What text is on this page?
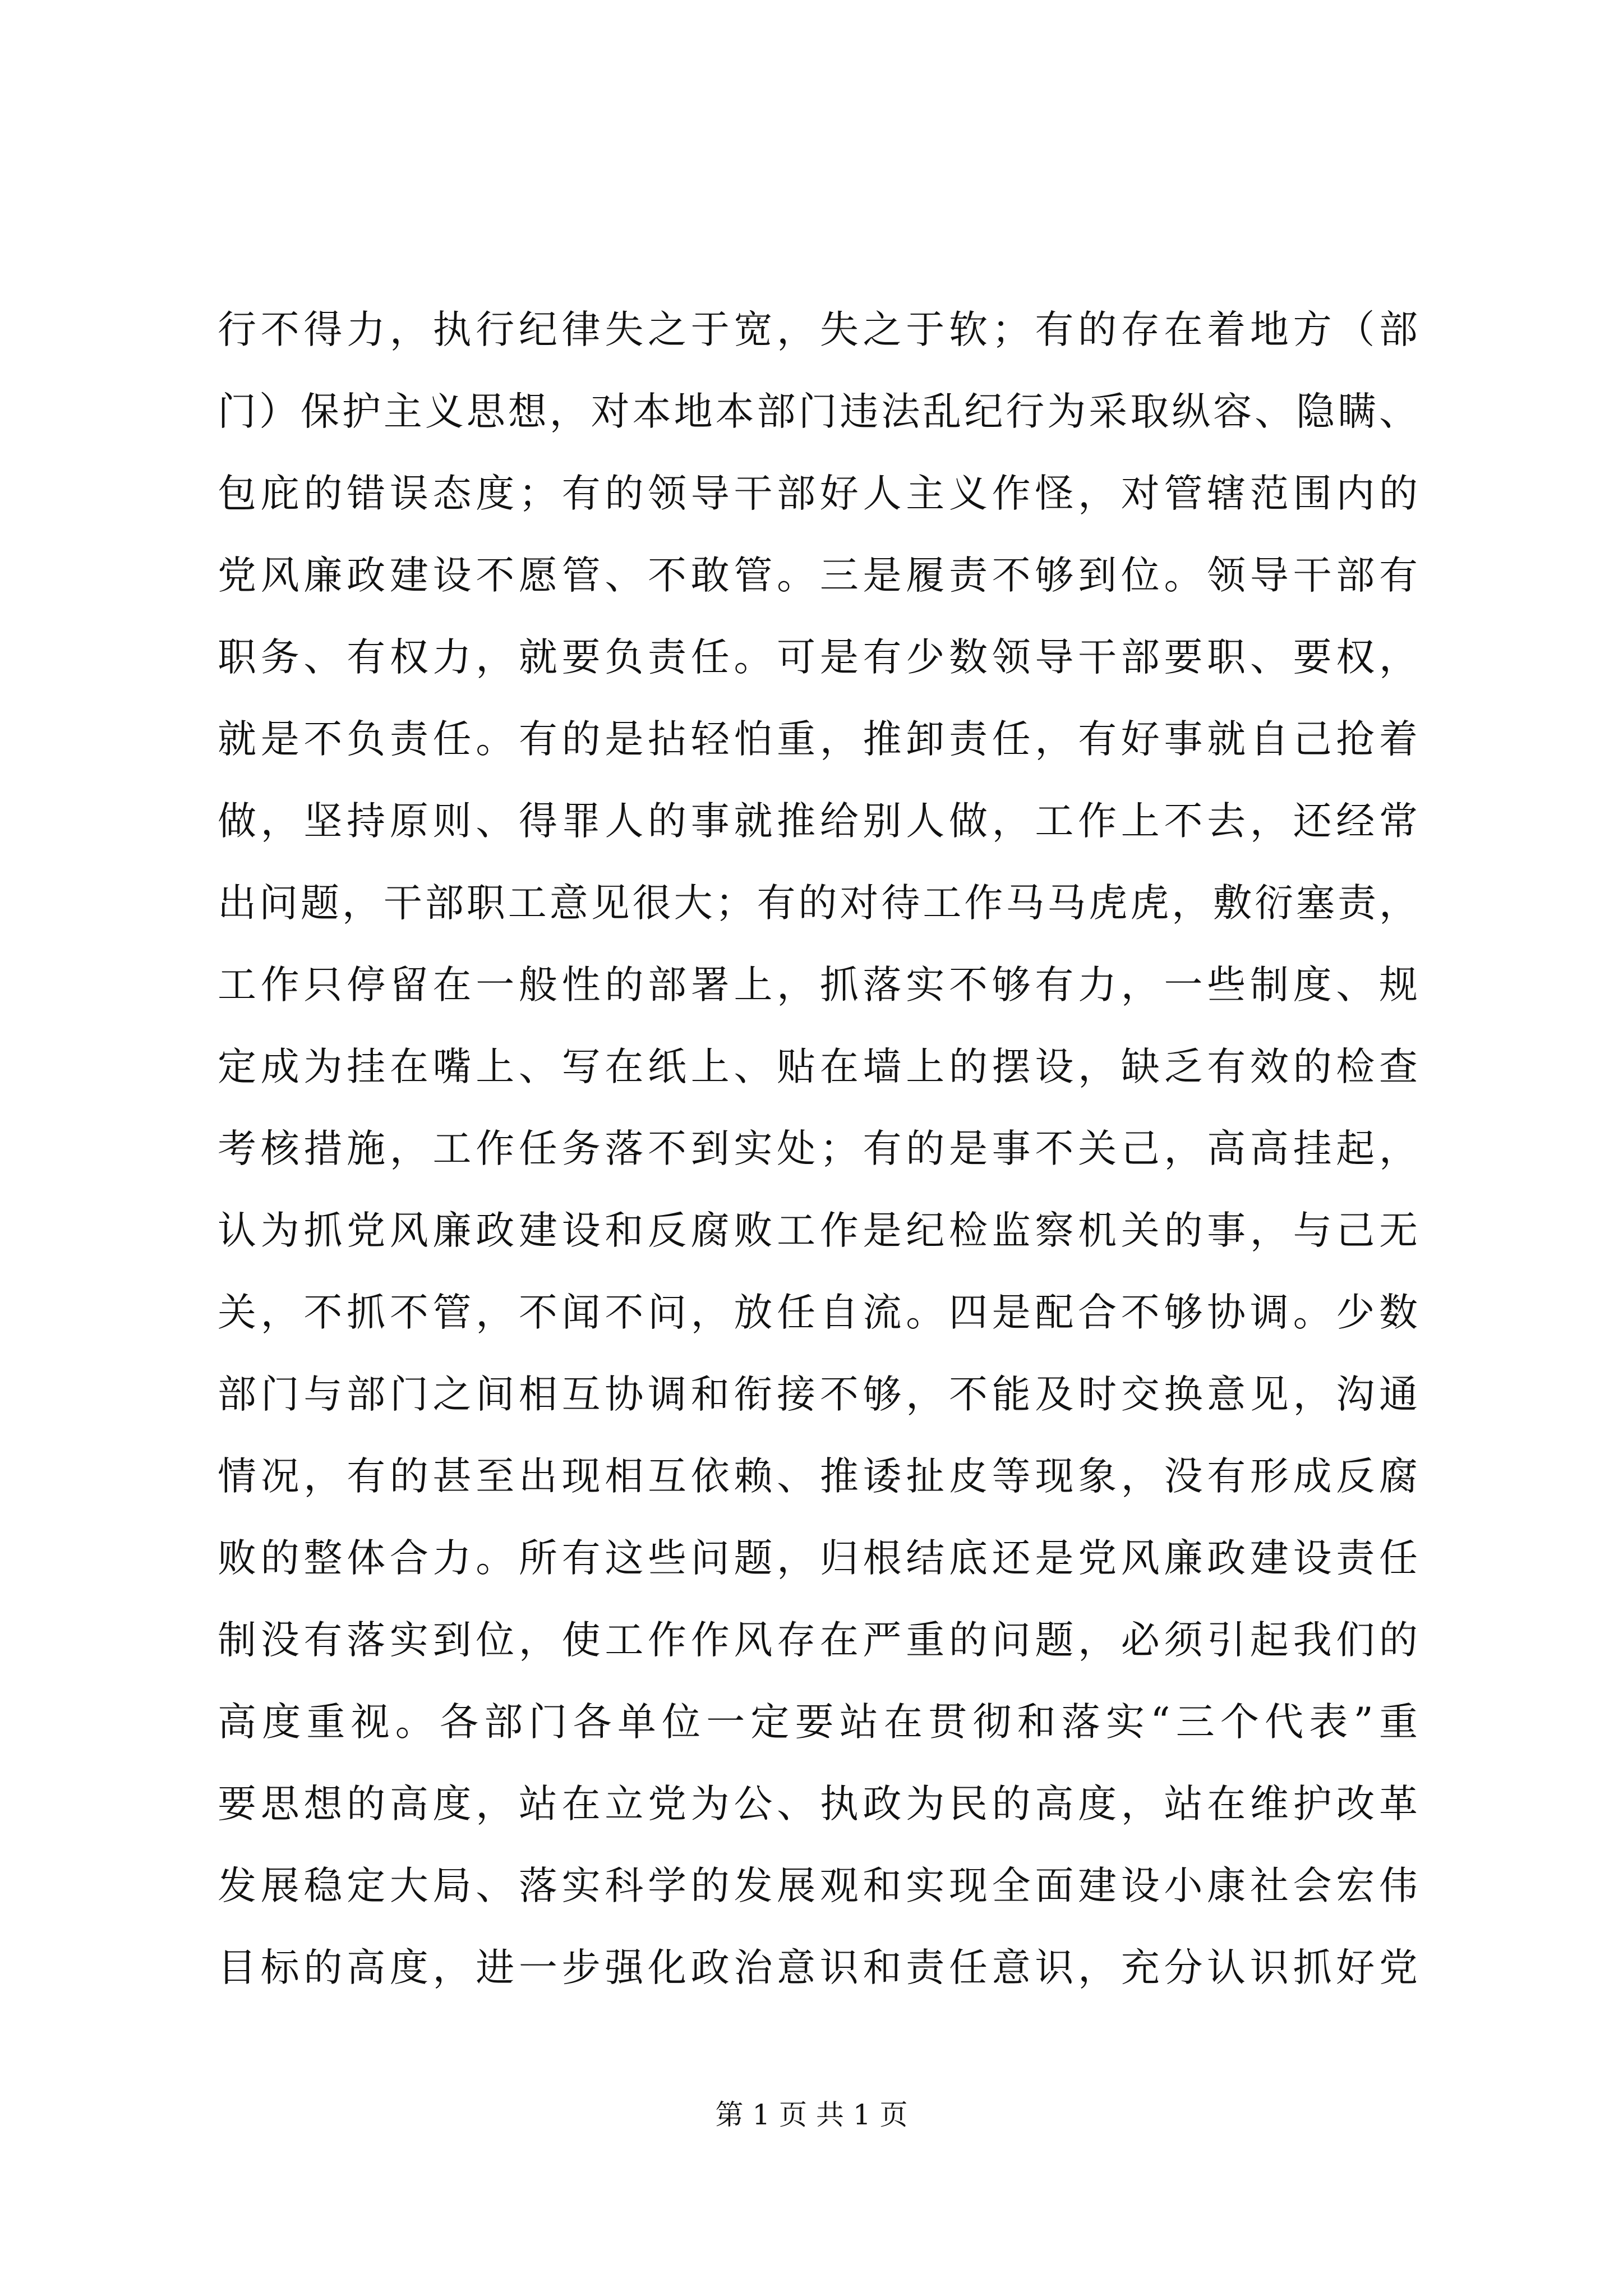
行不得力，执行纪律失之于宽，失之于软；有的存在着地方（部
门）保护主义思想，对本地本部门违法乱纪行为采取纵容、隐瞒、
包庇的错误态度；有的领导干部好人主义作怪，对管辖范围内的
党风廉政建设不愿管、不敢管。三是履责不够到位。领导干部有
职务、有权力，就要负责任。可是有少数领导干部要职、要权，
就是不负责任。有的是拈轻怕重，推卸责任，有好事就自己抢着
做，坚持原则、得罪人的事就推给别人做，工作上不去，还经常
出问题，干部职工意见很大；有的对待工作马马虎虎，敷衍塞责，
工作只停留在一般性的部署上，抓落实不够有力，一些制度、规
定成为挂在嘴上、写在纸上、贴在墙上的摆设，缺乏有效的检查
考核措施，工作任务落不到实处；有的是事不关己，高高挂起，
认为抓党风廉政建设和反腐败工作是纪检监察机关的事，与己无
关，不抓不管，不闻不问，放任自流。四是配合不够协调。少数
部门与部门之间相互协调和衔接不够，不能及时交换意见，沟通
情况，有的甚至出现相互依赖、推诿扯皮等现象，没有形成反腐
败的整体合力。所有这些问题，归根结底还是党风廉政建设责任
制没有落实到位，使工作作风存在严重的问题，必须引起我们的
高度重视。各部门各单位一定要站在贯彻和落实“三个代表”重
要思想的高度，站在立党为公、执政为民的高度，站在维护改革
发展稳定大局、落实科学的发展观和实现全面建设小康社会宏伟
目标的高度，进一步强化政治意识和责任意识，充分认识抓好党
第 1 页 共 1 页
